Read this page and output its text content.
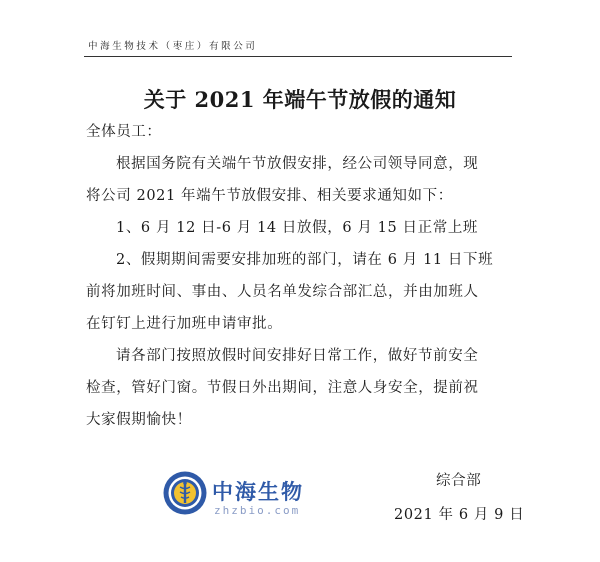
中海生物技术（枣庄）有限公司
关于 2021 年端午节放假的通知
全体员工：
根据国务院有关端午节放假安排，经公司领导同意，现
将公司 2021 年端午节放假安排、相关要求通知如下：
1、6 月 12 日-6 月 14 日放假，6 月 15 日正常上班
2、假期期间需要安排加班的部门，请在 6 月 11 日下班
前将加班时间、事由、人员名单发综合部汇总，并由加班人
在钉钉上进行加班申请审批。
请各部门按照放假时间安排好日常工作，做好节前安全
检查，管好门窗。节假日外出期间，注意人身安全，提前祝
大家假期愉快！
中海生物
zhzbio.com
综合部
2021 年 6 月 9 日
